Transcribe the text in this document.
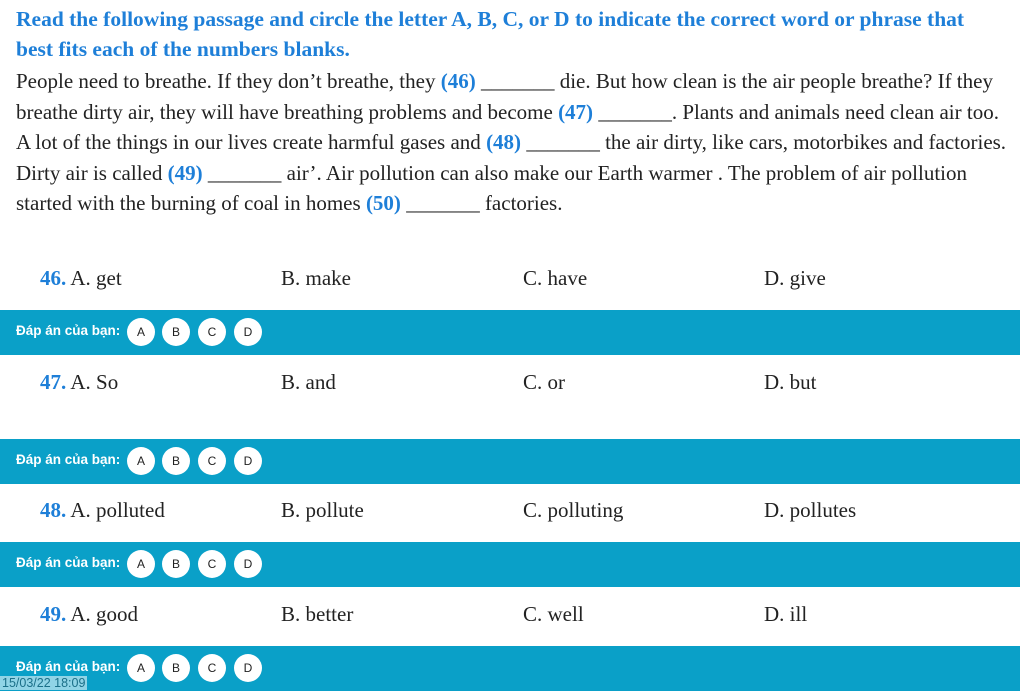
Read the following passage and circle the letter A, B, C, or D to indicate the correct word or phrase that best fits each of the numbers blanks.
People need to breathe. If they don’t breathe, they (46) _______ die. But how clean is the air people breathe? If they breathe dirty air, they will have breathing problems and become (47) _______. Plants and animals need clean air too. A lot of the things in our lives create harmful gases and (48) _______ the air dirty, like cars, motorbikes and factories. Dirty air is called (49) _______ air’. Air pollution can also make our Earth warmer . The problem of air pollution started with the burning of coal in homes (50) _______ factories.
46. A. get	B. make	C. have	D. give
Đáp án của bạn:	A	B	C	D
47. A. So	B. and	C. or	D. but
Đáp án của bạn:	A	B	C	D
48. A. polluted	B. pollute	C. polluting	D. pollutes
Đáp án của bạn:	A	B	C	D
49. A. good	B. better	C. well	D. ill
Đáp án của bạn:	A	B	C	D
15/03/22 18:09
